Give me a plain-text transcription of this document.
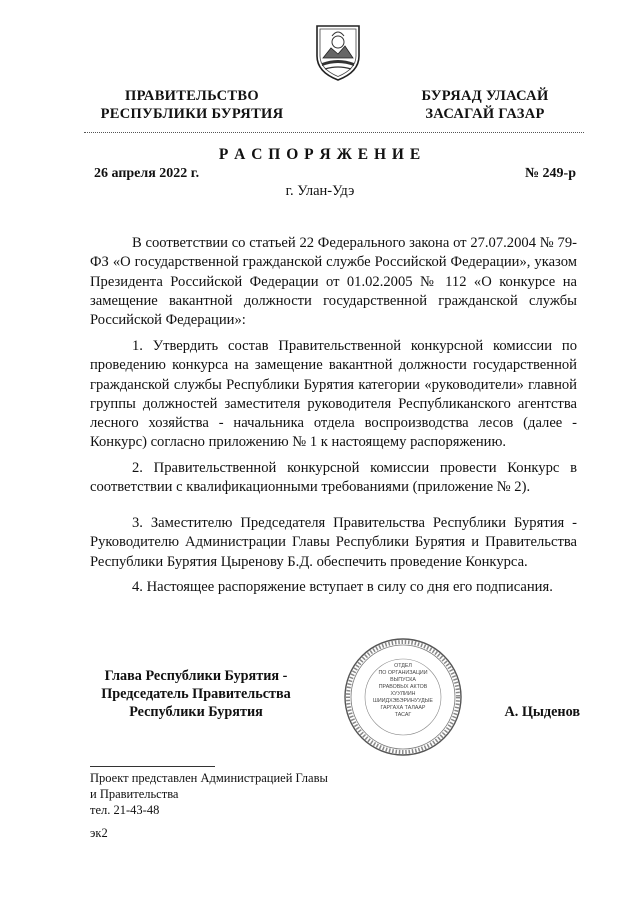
ПРАВИТЕЛЬСТВО
РЕСПУБЛИКИ БУРЯТИЯ
БУРЯАД УЛАСАЙ
ЗАСАГАЙ ГАЗАР
Р А С П О Р Я Ж Е Н И Е
26 апреля 2022 г.	№ 249-р
г. Улан-Удэ
В соответствии со статьей 22 Федерального закона от 27.07.2004 № 79-ФЗ «О государственной гражданской службе Российской Федерации», указом Президента Российской Федерации от 01.02.2005 № 112 «О конкурсе на замещение вакантной должности государственной гражданской службы Российской Федерации»:
1. Утвердить состав Правительственной конкурсной комиссии по проведению конкурса на замещение вакантной должности государственной гражданской службы Республики Бурятия категории «руководители» главной группы должностей заместителя руководителя Республиканского агентства лесного хозяйства - начальника отдела воспроизводства лесов (далее - Конкурс) согласно приложению № 1 к настоящему распоряжению.
2. Правительственной конкурсной комиссии провести Конкурс в соответствии с квалификационными требованиями (приложение № 2).
3. Заместителю Председателя Правительства Республики Бурятия - Руководителю Администрации Главы Республики Бурятия и Правительства Республики Бурятия Цыренову Б.Д. обеспечить проведение Конкурса.
4. Настоящее распоряжение вступает в силу со дня его подписания.
Глава Республики Бурятия -
Председатель Правительства
Республики Бурятия
ОТДЕЛ
ПО ОРГАНИЗАЦИИ
ВЫПУСКА
ПРАВОВЫХ АКТОВ
ХУУЛИИН
ШИИДХЭБЭРИНУУДЫЕ
ГАРГАХА ТАЛААР
ТАСАГ	А. Цыденов
Проект представлен Администрацией Главы
и Правительства
тел. 21-43-48
эк2
